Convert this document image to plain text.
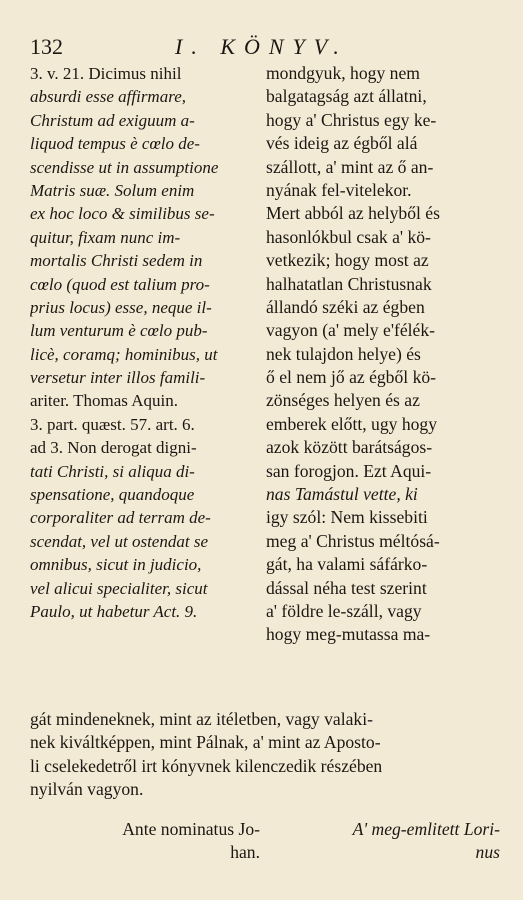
132	I. KÖNYV.
3. v. 21. Dicimus nihil
absurdi esse affirmare,
Christum ad exiguum a-
liquod tempus è cœlo de-
scendisse ut in assumptione
Matris suæ. Solum enim
ex hoc loco & similibus se-
quitur, fixam nunc im-
mortalis Christi sedem in
cœlo (quod est talium pro-
prius locus) esse, neque il-
lum venturum è cœlo pub-
licè, coramq; hominibus, ut
versetur inter illos famili-
ariter. Thomas Aquin.
3. part. quæst. 57. art. 6.
ad 3. Non derogat digni-
tati Christi, si aliqua di-
spensatione, quandoque
corporaliter ad terram de-
scendat, vel ut ostendat se
omnibus, sicut in judicio,
vel alicui specialiter, sicut
Paulo, ut habetur Act. 9.
mondgyuk, hogy nem
balgatagság azt állatni,
hogy a' Christus egy ke-
vés ideig az égből alá
szállott, a' mint az ő an-
nyának fel-vitelekor.
Mert abból az helyből és
hasonlókbul csak a' kö-
vetkezik; hogy most az
halhatatlan Christusnak
állandó széki az égben
vagyon (a' mely e'félék-
nek tulajdon helye) és
ő el nem jő az égből kö-
zönséges helyen és az
emberek előtt, ugy hogy
azok között barátságos-
san forogjon. Ezt Aqui-
nas Tamástul vette, ki
igy szól: Nem kissebiti
meg a' Christus méltósá-
gát, ha valami sáfárko-
dással néha test szerint
a' földre le-száll, vagy
hogy meg-mutassa ma-
gát mindeneknek, mint az itéletben, vagy valaki-
nek kiváltképpen, mint Pálnak, a' mint az Aposto-
li cselekedetről irt kónyvnek kilenczedik részében
nyilván vagyon.
Ante nominatus Jo-
han.
A' meg-emlitett Lori-
nus
